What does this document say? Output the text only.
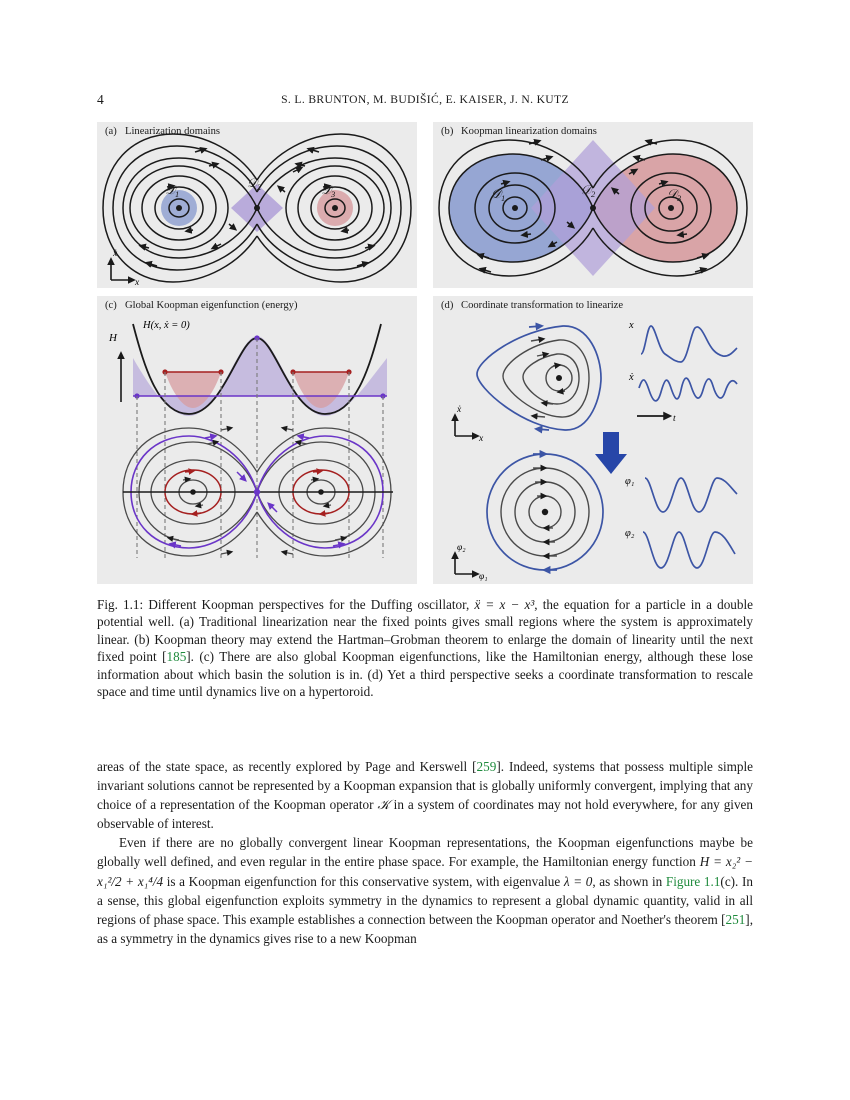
4	S. L. BRUNTON, M. BUDIŠIĆ, E. KAISER, J. N. KUTZ
(a) Linearization domains
𝒟$_1$
𝒟$_2$	𝒟$_3$
ẋ
x
(b) Koopman linearization domains
𝒟$_1$
𝒟$_2$	𝒟$_3$
(c) Global Koopman eigenfunction (energy)
H
H(x, ẋ = 0)
(d) Coordinate transformation to linearize
ẋ
x
x
ẋ
t
φ₂
φ₁
φ₁
φ₂
Fig. 1.1: Different Koopman perspectives for the Duffing oscillator, ẍ = x − x³, the equation for a particle in a double potential well. (a) Traditional linearization near the fixed points gives small regions where the system is approximately linear. (b) Koopman theory may extend the Hartman–Grobman theorem to enlarge the domain of linearity until the next fixed point [185]. (c) There are also global Koopman eigenfunctions, like the Hamiltonian energy, although these lose information about which basin the solution is in. (d) Yet a third perspective seeks a coordinate transformation to rescale space and time until dynamics live on a hypertoroid.

areas of the state space, as recently explored by Page and Kerswell [259]. Indeed, systems that possess multiple simple invariant solutions cannot be represented by a Koopman expansion that is globally uniformly convergent, implying that any choice of a representation of the Koopman operator 𝒦 in a system of coordinates may not hold everywhere, for any given observable of interest.

Even if there are no globally convergent linear Koopman representations, the Koopman eigenfunctions maybe be globally well defined, and even regular in the entire phase space. For example, the Hamiltonian energy function H = x₂² − x₁²/2 + x₁⁴/4 is a Koopman eigenfunction for this conservative system, with eigenvalue λ = 0, as shown in Figure 1.1(c). In a sense, this global eigenfunction exploits symmetry in the dynamics to represent a global dynamic quantity, valid in all regions of phase space. This example establishes a connection between the Koopman operator and Noether's theorem [251], as a symmetry in the dynamics gives rise to a new Koopman
